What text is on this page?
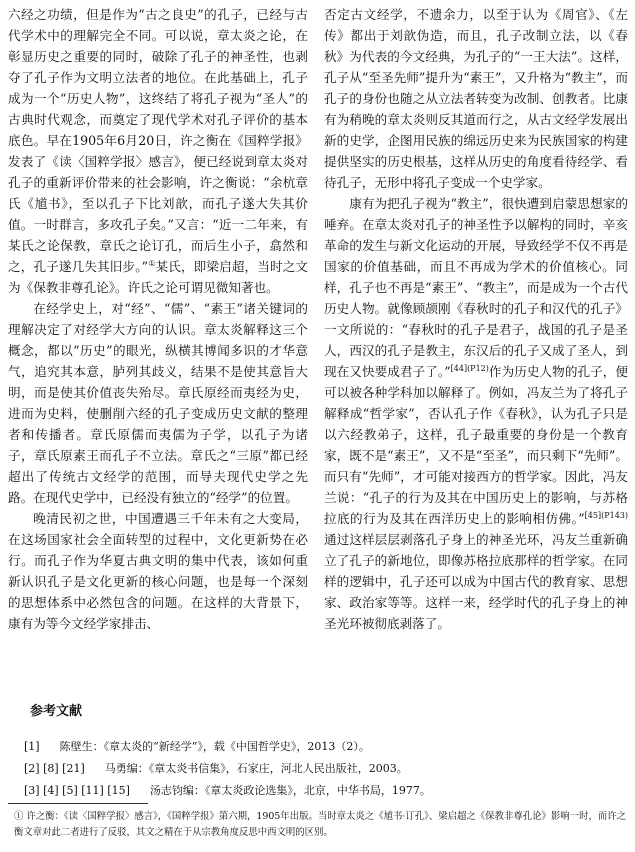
六经之功绩，但是作为“古之良史”的孔子，已经与古代学术中的理解完全不同。可以说，章太炎之论，在彰显历史之重要的同时，破除了孔子的神圣性，也剥夺了孔子作为文明立法者的地位。在此基础上，孔子成为一个“历史人物”，这终结了将孔子视为“圣人”的古典时代观念，而奠定了现代学术对孔子评价的基本底色。早在1905年6月20日，许之衡在《国粹学报》发表了《读〈国粹学报〉感言》，便已经说到章太炎对孔子的重新评价带来的社会影响，许之衡说：“余杭章氏《馗书》，至以孔子下比刘歆，而孔子遂大失其价值。一时群言，多攻孔子矣。”又言：“近一二年来，有某氏之论保教，章氏之论订孔，而后生小子，翕然和之，孔子遂几失其旧步。”①某氏，即梁启超，当时之文为《保教非尊孔论》。许氏之论可谓见微知著也。

在经学史上，对“经”、“儒”、“素王”诸关键词的理解决定了对经学大方向的认识。章太炎解释这三个概念，都以“历史”的眼光，纵横其博闻多识的才华意气，追究其本意，胪列其歧义，结果不是使其意旨大明，而是使其价值丧失殆尽。章氏原经而夷经为史，进而为史料，使删削六经的孔子变成历史文献的整理者和传播者。章氏原儒而夷儒为子学，以孔子为诸子，章氏原素王而孔子不立法。章氏之“三原”都已经超出了传统古文经学的范围，而导夫现代史学之先路。在现代史学中，已经没有独立的“经学”的位置。

晚清民初之世，中国遭遇三千年未有之大变局，在这场国家社会全面转型的过程中，文化更新势在必行。而孔子作为华夏古典文明的集中代表，该如何重新认识孔子是文化更新的核心问题，也是每一个深刻的思想体系中必然包含的问题。在这样的大背景下，康有为等今文经学家排击、

否定古文经学，不遗余力，以至于认为《周官》、《左传》都出于刘歆伪造，而且，孔子改制立法，以《春秋》为代表的今文经典，为孔子的“一王大法”。这样，孔子从“至圣先师”提升为“素王”，又升格为“教主”，而孔子的身份也随之从立法者转变为改制、创教者。比康有为稍晚的章太炎则反其道而行之，从古文经学发展出新的史学，企图用民族的绵远历史来为民族国家的构建提供坚实的历史根基，这样从历史的角度看待经学、看待孔子，无形中将孔子变成一个史学家。

康有为把孔子视为“教主”，很快遭到启蒙思想家的唾弃。在章太炎对孔子的神圣性予以解构的同时，辛亥革命的发生与新文化运动的开展，导致经学不仅不再是国家的价值基础，而且不再成为学术的价值核心。同样，孔子也不再是“素王”、“教主”，而是成为一个古代历史人物。就像顾颉刚《春秋时的孔子和汉代的孔子》一文所说的：“春秋时的孔子是君子，战国的孔子是圣人，西汉的孔子是教主，东汉后的孔子又成了圣人，到现在又快要成君子了。”$^{[44](P12)}$作为历史人物的孔子，便可以被各种学科加以解释了。例如，冯友兰为了将孔子解释成“哲学家”，否认孔子作《春秋》，认为孔子只是以六经教弟子，这样，孔子最重要的身份是一个教育家，既不是“素王”，又不是“至圣”，而只剩下“先师”。而只有“先师”，才可能对接西方的哲学家。因此，冯友兰说：“孔子的行为及其在中国历史上的影响，与苏格拉底的行为及其在西洋历史上的影响相仿佛。”$^{[45](P143)}$通过这样层层剥落孔子身上的神圣光环，冯友兰重新确立了孔子的新地位，即像苏格拉底那样的哲学家。在同样的逻辑中，孔子还可以成为中国古代的教育家、思想家、政治家等等。这样一来，经学时代的孔子身上的神圣光环被彻底剥落了。

参考文献
[1] 陈壁生：《章太炎的“新经学”》，载《中国哲学史》，2013（2）。
[2] [8] [21] 马勇编：《章太炎书信集》，石家庄，河北人民出版社，2003。
[3] [4] [5] [11] [15] 汤志钧编：《章太炎政论选集》，北京，中华书局，1977。
① 许之衡：《读〈国粹学报〉感言》，《国粹学报》第六期，1905年出版。当时章太炎之《馗书·订孔》、梁启超之《保教非尊孔论》影响一时，而许之衡文章对此二者进行了反驳，其文之精在于从宗教角度反思中西文明的区别。
